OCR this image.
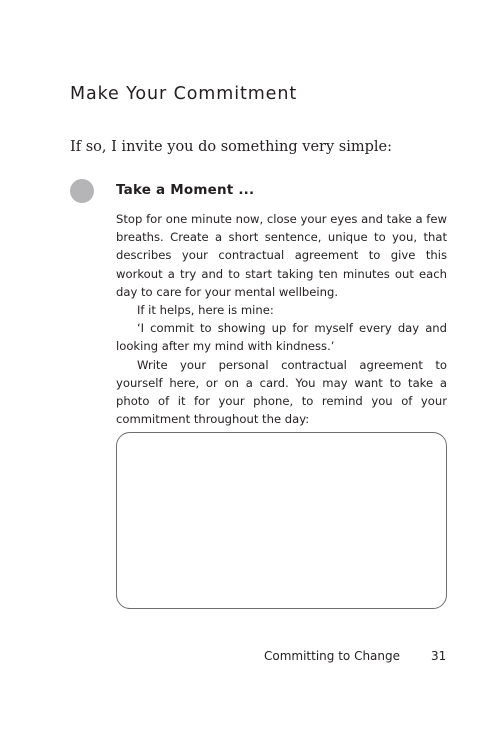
Make Your Commitment

If so, I invite you do something very simple:

Take a Moment ...

Stop for one minute now, close your eyes and take a few breaths. Create a short sentence, unique to you, that describes your contractual agreement to give this workout a try and to start taking ten minutes out each day to care for your mental wellbeing.

If it helps, here is mine:

‘I commit to showing up for myself every day and looking after my mind with kindness.’

Write your personal contractual agreement to yourself here, or on a card. You may want to take a photo of it for your phone, to remind you of your commitment throughout the day:

Committing to Change	31
